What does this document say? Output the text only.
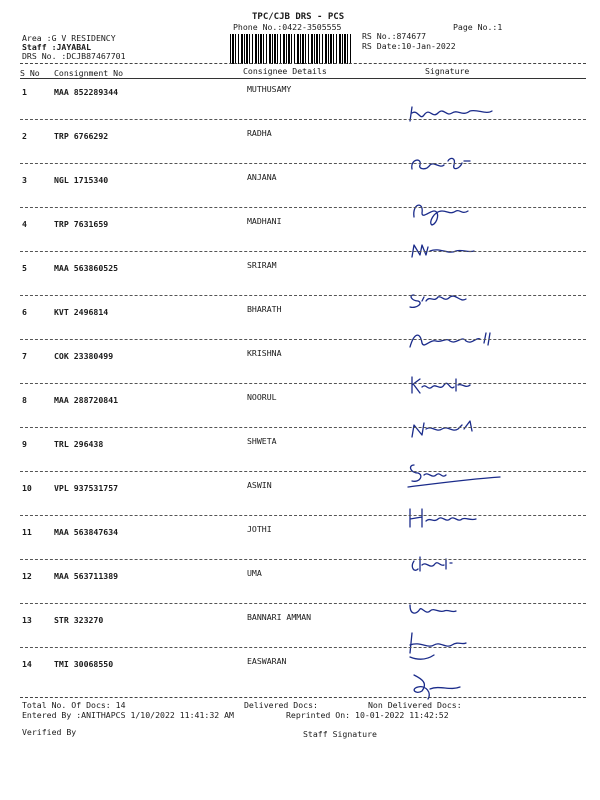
TPC/CJB DRS - PCS
Phone No.:0422-3505555	Page No.:1
Area :G V RESIDENCY
Staff :JAYABAL
DRS No. :DCJB87467701
RS No.:874677
RS Date:10-Jan-2022
S No Consignment No	Consignee Details	Signature
1	MAA 852289344	MUTHUSAMY
2	TRP 6766292	RADHA
3	NGL 1715340	ANJANA
4	TRP 7631659	MADHANI
5	MAA 563860525	SRIRAM
6	KVT 2496814	BHARATH
7	COK 23380499	KRISHNA
8	MAA 288720841	NOORUL
9	TRL 296438	SHWETA
10	VPL 937531757	ASWIN
11	MAA 563847634	JOTHI
12	MAA 563711389	UMA
13	STR 323270	BANNARI AMMAN
14	TMI 30068550	EASWARAN
Total No. Of Docs: 14	Delivered Docs:	Non Delivered Docs:
Entered By :ANITHAPCS 1/10/2022 11:41:32 AM	Reprinted On: 10-01-2022 11:42:52
Verified By	Staff Signature
